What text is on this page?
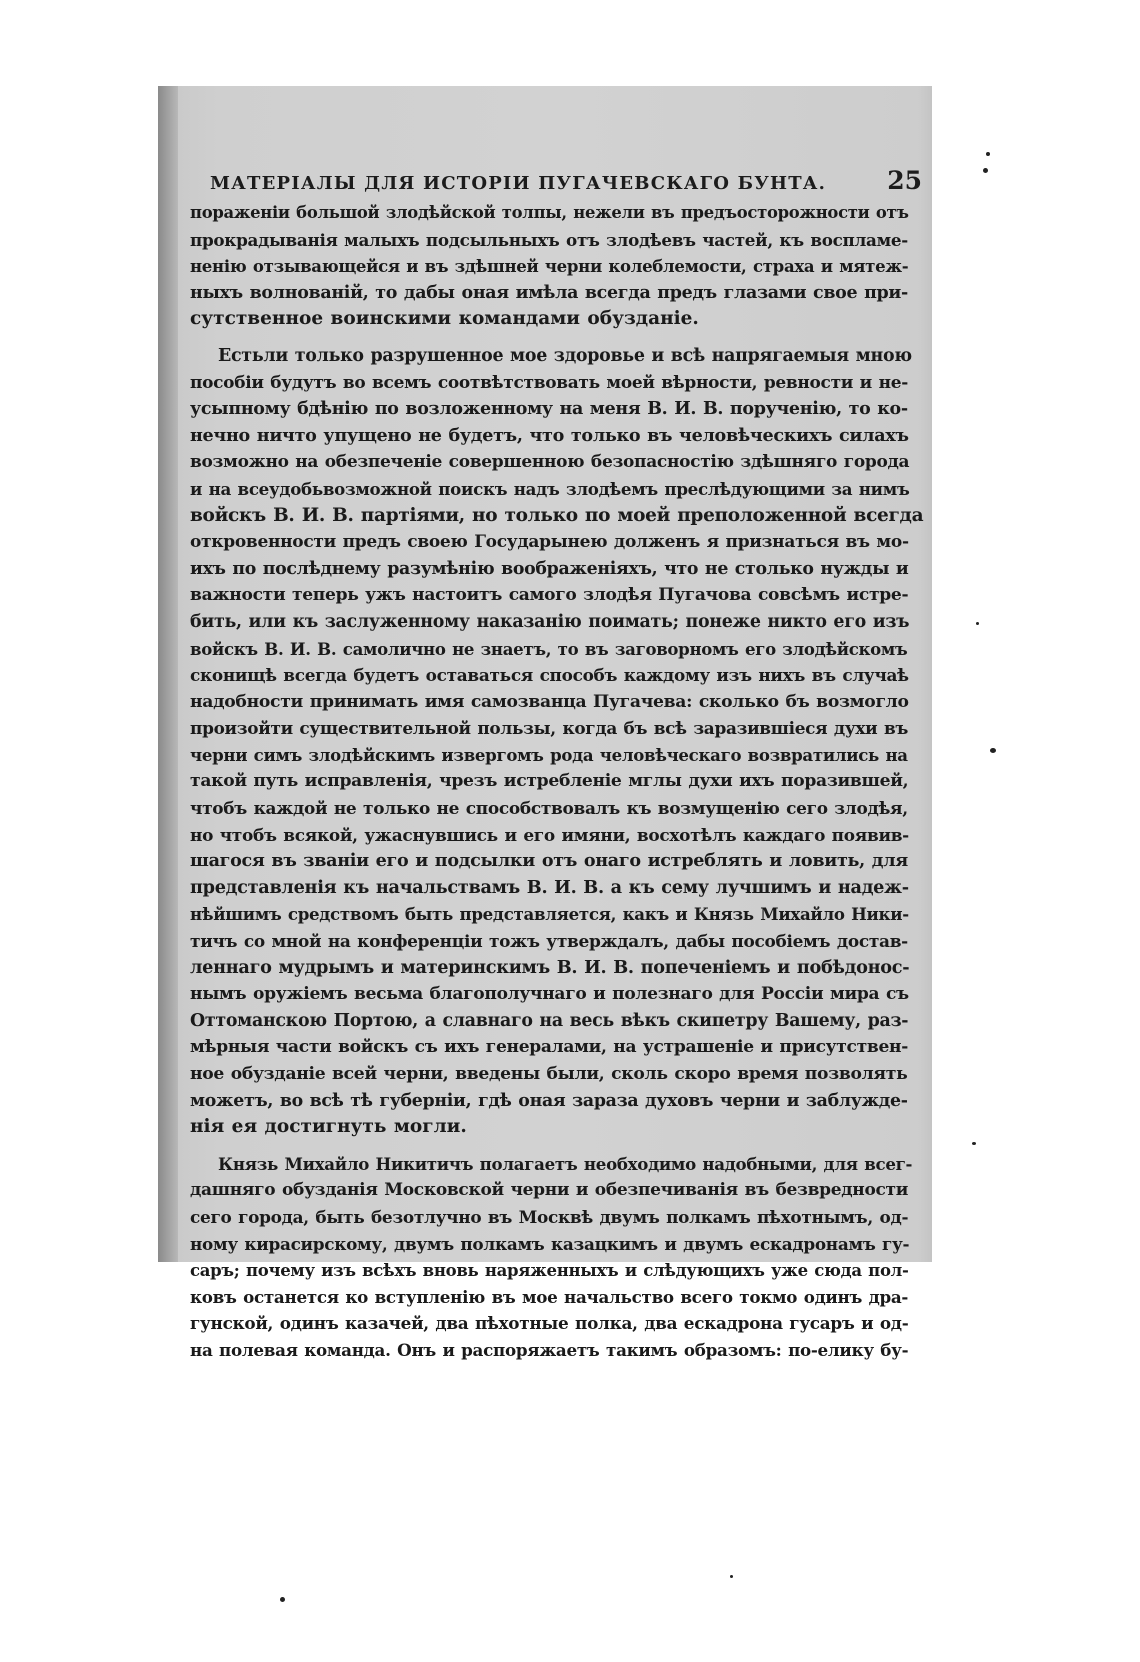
МАТЕРІАЛЫ ДЛЯ ИСТОРІИ ПУГАЧЕВСКАГО БУНТА. 25
пораженіи большой злодѣйской толпы, нежели въ предъосторожности отъ
прокрадыванія малыхъ подсыльныхъ отъ злодѣевъ частей, къ воспламе-
ненію отзывающейся и въ здѣшней черни колеблемости, страха и мятеж-
ныхъ волнованій, то дабы оная имѣла всегда предъ глазами свое при-
сутственное воинскими командами обузданіе.
Естьли только разрушенное мое здоровье и всѣ напрягаемыя мною
пособіи будутъ во всемъ соотвѣтствовать моей вѣрности, ревности и не-
усыпному бдѣнію по возложенному на меня В. И. В. порученію, то ко-
нечно ничто упущено не будетъ, что только въ человѣческихъ силахъ
возможно на обезпеченіе совершенною безопасностію здѣшняго города
и на всеудобьвозможной поискъ надъ злодѣемъ преслѣдующими за нимъ
войскъ В. И. В. партіями, но только по моей преположенной всегда
откровенности предъ своею Государынею долженъ я признаться въ мо-
ихъ по послѣднему разумѣнію воображеніяхъ, что не столько нужды и
важности теперь ужъ настоитъ самого злодѣя Пугачова совсѣмъ истре-
бить, или къ заслуженному наказанію поимать; понеже никто его изъ
войскъ В. И. В. самолично не знаетъ, то въ заговорномъ его злодѣйскомъ
сконищѣ всегда будетъ оставаться способъ каждому изъ нихъ въ случаѣ
надобности принимать имя самозванца Пугачева: сколько бъ возмогло
произойти существительной пользы, когда бъ всѣ заразившіеся духи въ
черни симъ злодѣйскимъ извергомъ рода человѣческаго возвратились на
такой путь исправленія, чрезъ истребленіе мглы духи ихъ поразившей,
чтобъ каждой не только не способствовалъ къ возмущенію сего злодѣя,
но чтобъ всякой, ужаснувшись и его имяни, восхотѣлъ каждаго появив-
шагося въ званіи его и подсылки отъ онаго истреблять и ловить, для
представленія къ начальствамъ В. И. В. а къ сему лучшимъ и надеж-
нѣйшимъ средствомъ быть представляется, какъ и Князь Михайло Ники-
тичъ со мной на конференціи тожъ утверждалъ, дабы пособіемъ достав-
леннаго мудрымъ и материнскимъ В. И. В. попеченіемъ и побѣдонос-
нымъ оружіемъ весьма благополучнаго и полезнаго для Россіи мира съ
Оттоманскою Портою, а славнаго на весь вѣкъ скипетру Вашему, раз-
мѣрныя части войскъ съ ихъ генералами, на устрашеніе и присутствен-
ное обузданіе всей черни, введены были, сколь скоро время позволять
можетъ, во всѣ тѣ губерніи, гдѣ оная зараза духовъ черни и заблужде-
нія ея достигнуть могли.
Князь Михайло Никитичъ полагаетъ необходимо надобными, для всег-
дашняго обузданія Московской черни и обезпечиванія въ безвредности
сего города, быть безотлучно въ Москвѣ двумъ полкамъ пѣхотнымъ, од-
ному кирасирскому, двумъ полкамъ казацкимъ и двумъ ескадронамъ гу-
саръ; почему изъ всѣхъ вновь наряженныхъ и слѣдующихъ уже сюда пол-
ковъ останется ко вступленію въ мое начальство всего токмо одинъ дра-
гунской, одинъ казачей, два пѣхотные полка, два ескадрона гусаръ и од-
на полевая команда. Онъ и распоряжаетъ такимъ образомъ: по-елику бу-
